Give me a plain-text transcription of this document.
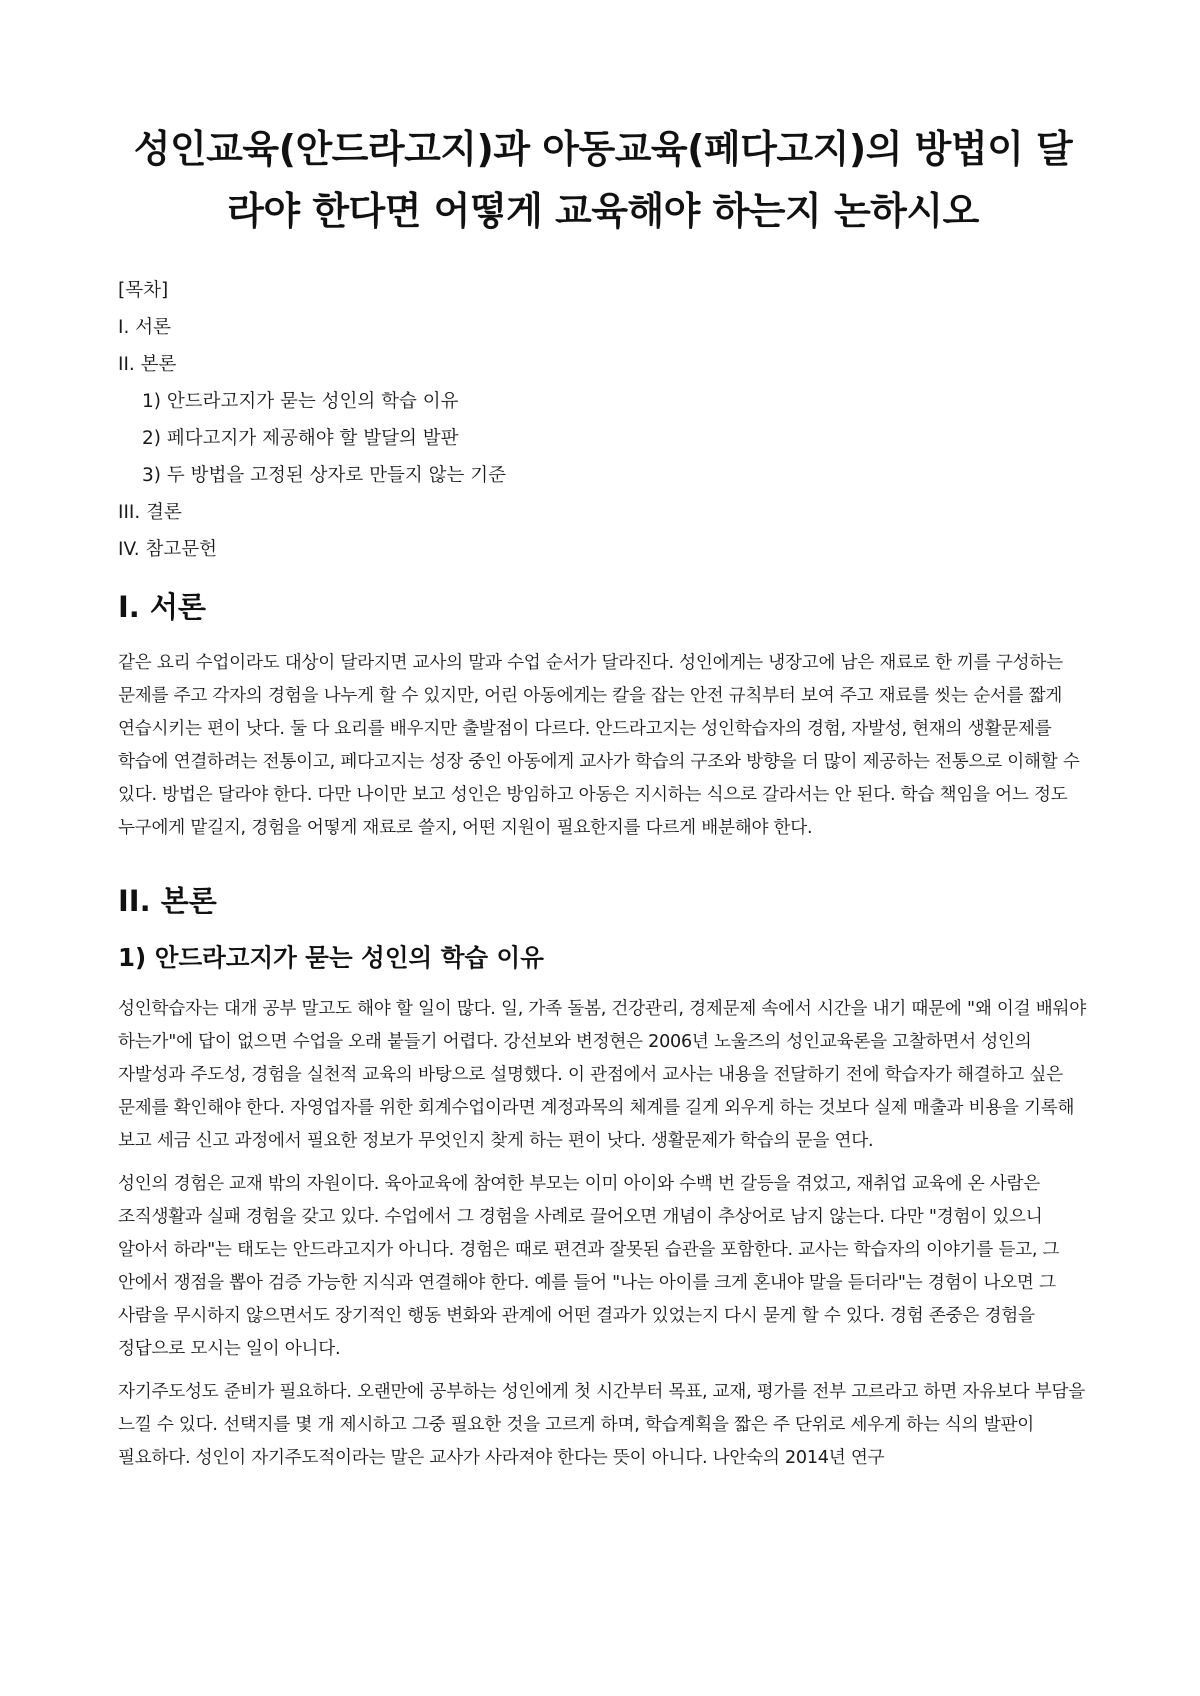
성인교육(안드라고지)과 아동교육(페다고지)의 방법이 달라야 한다면 어떻게 교육해야 하는지 논하시오
[목차]
I. 서론
II. 본론
1) 안드라고지가 묻는 성인의 학습 이유
2) 페다고지가 제공해야 할 발달의 발판
3) 두 방법을 고정된 상자로 만들지 않는 기준
III. 결론
IV. 참고문헌
I. 서론

같은 요리 수업이라도 대상이 달라지면 교사의 말과 수업 순서가 달라진다. 성인에게는 냉장고에 남은 재료로 한 끼를 구성하는 문제를 주고 각자의 경험을 나누게 할 수 있지만, 어린 아동에게는 칼을 잡는 안전 규칙부터 보여 주고 재료를 씻는 순서를 짧게 연습시키는 편이 낫다. 둘 다 요리를 배우지만 출발점이 다르다. 안드라고지는 성인학습자의 경험, 자발성, 현재의 생활문제를 학습에 연결하려는 전통이고, 페다고지는 성장 중인 아동에게 교사가 학습의 구조와 방향을 더 많이 제공하는 전통으로 이해할 수 있다. 방법은 달라야 한다. 다만 나이만 보고 성인은 방임하고 아동은 지시하는 식으로 갈라서는 안 된다. 학습 책임을 어느 정도 누구에게 맡길지, 경험을 어떻게 재료로 쓸지, 어떤 지원이 필요한지를 다르게 배분해야 한다.

II. 본론
1) 안드라고지가 묻는 성인의 학습 이유

성인학습자는 대개 공부 말고도 해야 할 일이 많다. 일, 가족 돌봄, 건강관리, 경제문제 속에서 시간을 내기 때문에 "왜 이걸 배워야 하는가"에 답이 없으면 수업을 오래 붙들기 어렵다. 강선보와 변정현은 2006년 노울즈의 성인교육론을 고찰하면서 성인의 자발성과 주도성, 경험을 실천적 교육의 바탕으로 설명했다. 이 관점에서 교사는 내용을 전달하기 전에 학습자가 해결하고 싶은 문제를 확인해야 한다. 자영업자를 위한 회계수업이라면 계정과목의 체계를 길게 외우게 하는 것보다 실제 매출과 비용을 기록해 보고 세금 신고 과정에서 필요한 정보가 무엇인지 찾게 하는 편이 낫다. 생활문제가 학습의 문을 연다.

성인의 경험은 교재 밖의 자원이다. 육아교육에 참여한 부모는 이미 아이와 수백 번 갈등을 겪었고, 재취업 교육에 온 사람은 조직생활과 실패 경험을 갖고 있다. 수업에서 그 경험을 사례로 끌어오면 개념이 추상어로 남지 않는다. 다만 "경험이 있으니 알아서 하라"는 태도는 안드라고지가 아니다. 경험은 때로 편견과 잘못된 습관을 포함한다. 교사는 학습자의 이야기를 듣고, 그 안에서 쟁점을 뽑아 검증 가능한 지식과 연결해야 한다. 예를 들어 "나는 아이를 크게 혼내야 말을 듣더라"는 경험이 나오면 그 사람을 무시하지 않으면서도 장기적인 행동 변화와 관계에 어떤 결과가 있었는지 다시 묻게 할 수 있다. 경험 존중은 경험을 정답으로 모시는 일이 아니다.

자기주도성도 준비가 필요하다. 오랜만에 공부하는 성인에게 첫 시간부터 목표, 교재, 평가를 전부 고르라고 하면 자유보다 부담을 느낄 수 있다. 선택지를 몇 개 제시하고 그중 필요한 것을 고르게 하며, 학습계획을 짧은 주 단위로 세우게 하는 식의 발판이 필요하다. 성인이 자기주도적이라는 말은 교사가 사라져야 한다는 뜻이 아니다. 나안숙의 2014년 연구
